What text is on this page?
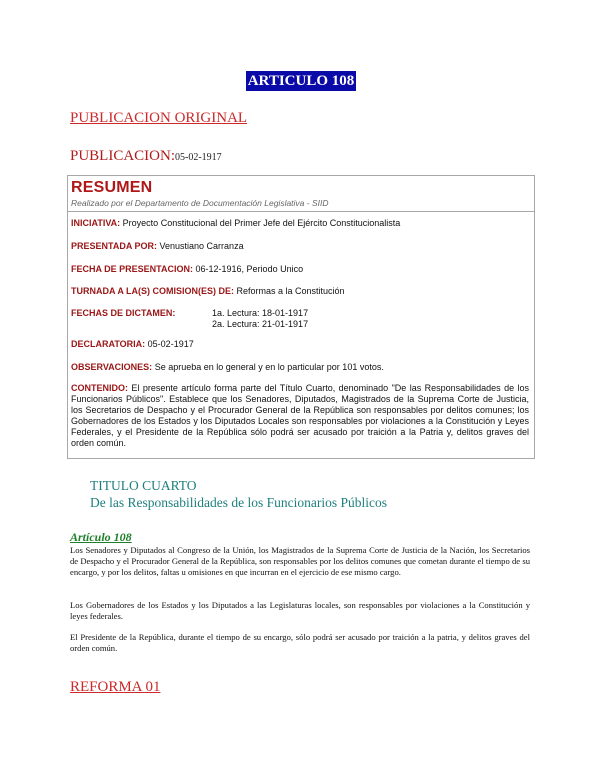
ARTICULO 108
PUBLICACION ORIGINAL
PUBLICACION:05-02-1917
RESUMEN
Realizado por el Departamento de Documentación Legislativa - SIID
INICIATIVA: Proyecto Constitucional del Primer Jefe del Ejército Constitucionalista
PRESENTADA POR: Venustiano Carranza
FECHA DE PRESENTACION: 06-12-1916, Periodo Unico
TURNADA A LA(S) COMISION(ES) DE: Reformas a la Constitución
FECHAS DE DICTAMEN:	1a. Lectura: 18-01-1917
2a. Lectura: 21-01-1917
DECLARATORIA: 05-02-1917
OBSERVACIONES: Se aprueba en lo general y en lo particular por 101 votos.
CONTENIDO: El presente artículo forma parte del Título Cuarto, denominado "De las Responsabilidades de los Funcionarios Públicos". Establece que los Senadores, Diputados, Magistrados de la Suprema Corte de Justicia, los Secretarios de Despacho y el Procurador General de la República son responsables por delitos comunes; los Gobernadores de los Estados y los Diputados Locales son responsables por violaciones a la Constitución y Leyes Federales, y el Presidente de la República sólo podrá ser acusado por traición a la Patria y, delitos graves del orden común.
TITULO CUARTO
De las Responsabilidades de los Funcionarios Públicos
Artículo 108
Los Senadores y Diputados al Congreso de la Unión, los Magistrados de la Suprema Corte de Justicia de la Nación, los Secretarios de Despacho y el Procurador General de la República, son responsables por los delitos comunes que cometan durante el tiempo de su encargo, y por los delitos, faltas u omisiones en que incurran en el ejercicio de ese mismo cargo.
Los Gobernadores de los Estados y los Diputados a las Legislaturas locales, son responsables por violaciones a la Constitución y leyes federales.
El Presidente de la República, durante el tiempo de su encargo, sólo podrá ser acusado por traición a la patria, y delitos graves del orden común.
REFORMA 01
